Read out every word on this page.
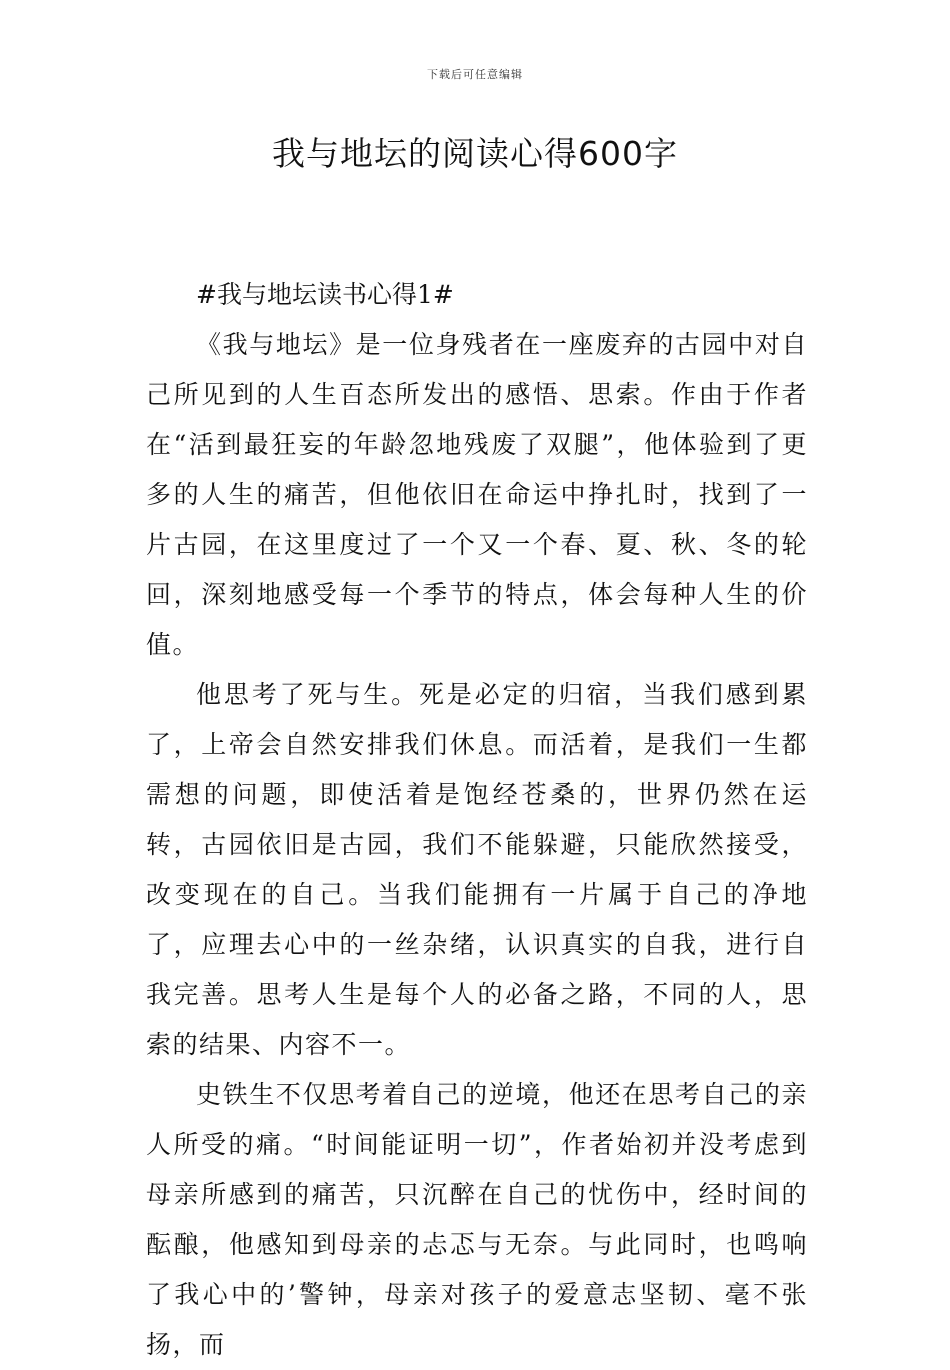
下载后可任意编辑
我与地坛的阅读心得600字

#我与地坛读书心得1#

《我与地坛》是一位身残者在一座废弃的古园中对自己所见到的人生百态所发出的感悟、思索。作由于作者在“活到最狂妄的年龄忽地残废了双腿”，他体验到了更多的人生的痛苦，但他依旧在命运中挣扎时，找到了一片古园，在这里度过了一个又一个春、夏、秋、冬的轮回，深刻地感受每一个季节的特点，体会每种人生的价值。

他思考了死与生。死是必定的归宿，当我们感到累了，上帝会自然安排我们休息。而活着，是我们一生都需想的问题，即使活着是饱经苍桑的，世界仍然在运转，古园依旧是古园，我们不能躲避，只能欣然接受，改变现在的自己。当我们能拥有一片属于自己的净地了，应理去心中的一丝杂绪，认识真实的自我，进行自我完善。思考人生是每个人的必备之路，不同的人，思索的结果、内容不一。

史铁生不仅思考着自己的逆境，他还在思考自己的亲人所受的痛。“时间能证明一切”，作者始初并没考虑到母亲所感到的痛苦，只沉醉在自己的忧伤中，经时间的酝酿，他感知到母亲的忐忑与无奈。与此同时，也鸣响了我心中的’警钟，母亲对孩子的爱意志坚韧、毫不张扬，而
